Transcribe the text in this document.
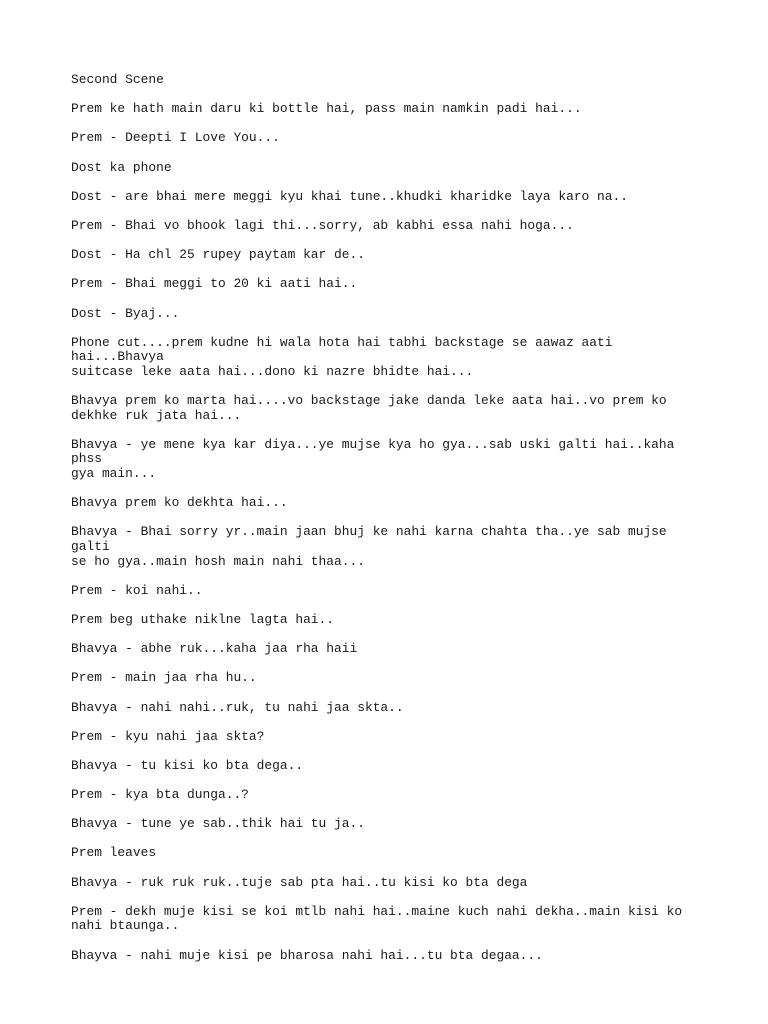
Second Scene

Prem ke hath main daru ki bottle hai, pass main namkin padi hai...

Prem - Deepti I Love You...

Dost ka phone

Dost - are bhai mere meggi kyu khai tune..khudki kharidke laya karo na..

Prem - Bhai vo bhook lagi thi...sorry, ab kabhi essa nahi hoga...

Dost - Ha chl 25 rupey paytam kar de..

Prem - Bhai meggi to 20 ki aati hai..

Dost - Byaj...

Phone cut....prem kudne hi wala hota hai tabhi backstage se aawaz aati hai...Bhavya
suitcase leke aata hai...dono ki nazre bhidte hai...

Bhavya prem ko marta hai....vo backstage jake danda leke aata hai..vo prem ko
dekhke ruk jata hai...

Bhavya - ye mene kya kar diya...ye mujse kya ho gya...sab uski galti hai..kaha phss
gya main...

Bhavya prem ko dekhta hai...

Bhavya - Bhai sorry yr..main jaan bhuj ke nahi karna chahta tha..ye sab mujse galti
se ho gya..main hosh main nahi thaa...

Prem - koi nahi..

Prem beg uthake niklne lagta hai..

Bhavya - abhe ruk...kaha jaa rha haii

Prem - main jaa rha hu..

Bhavya - nahi nahi..ruk, tu nahi jaa skta..

Prem - kyu nahi jaa skta?

Bhavya - tu kisi ko bta dega..

Prem - kya bta dunga..?

Bhavya - tune ye sab..thik hai tu ja..

Prem leaves

Bhavya - ruk ruk ruk..tuje sab pta hai..tu kisi ko bta dega

Prem - dekh muje kisi se koi mtlb nahi hai..maine kuch nahi dekha..main kisi ko
nahi btaunga..

Bhayva - nahi muje kisi pe bharosa nahi hai...tu bta degaa...
